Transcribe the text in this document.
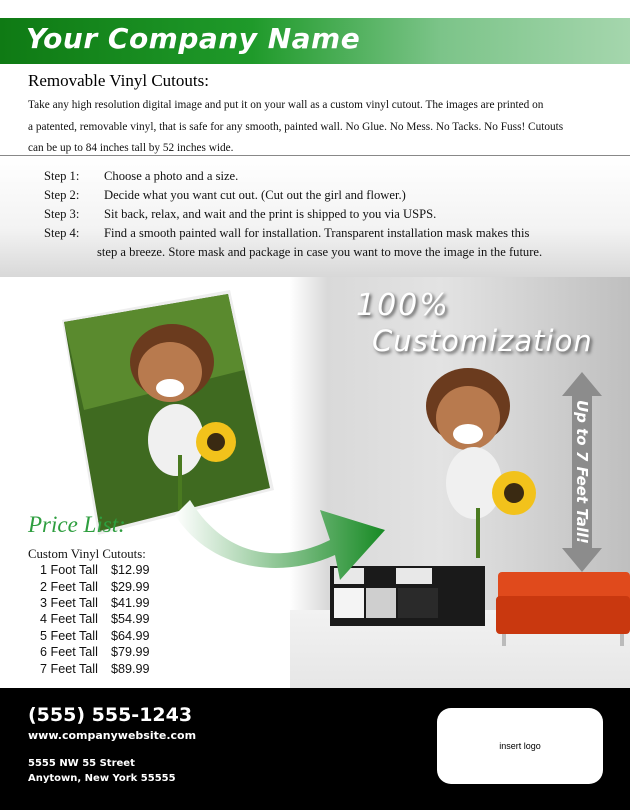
Your Company Name
Removable Vinyl Cutouts:
Take any high resolution digital image and put it on your wall as a custom vinyl cutout. The images are printed on
a patented, removable vinyl, that is safe for any smooth, painted wall. No Glue. No Mess. No Tacks. No Fuss! Cutouts
can be up to 84 inches tall by 52 inches wide.
Step 1: Choose a photo and a size.
Step 2: Decide what you want cut out. (Cut out the girl and flower.)
Step 3: Sit back, relax, and wait and the print is shipped to you via USPS.
Step 4: Find a smooth painted wall for installation. Transparent installation mask makes this
step a breeze. Store mask and package in case you want to move the image in the future.
100%
Customization
Up to 7 Feet Tall!
Price List:
Custom Vinyl Cutouts:
1 Foot Tall $12.99
2 Feet Tall $29.99
3 Feet Tall $41.99
4 Feet Tall $54.99
5 Feet Tall $64.99
6 Feet Tall $79.99
7 Feet Tall $89.99
(555) 555-1243
www.companywebsite.com
5555 NW 55 Street
Anytown, New York 55555
insert logo
